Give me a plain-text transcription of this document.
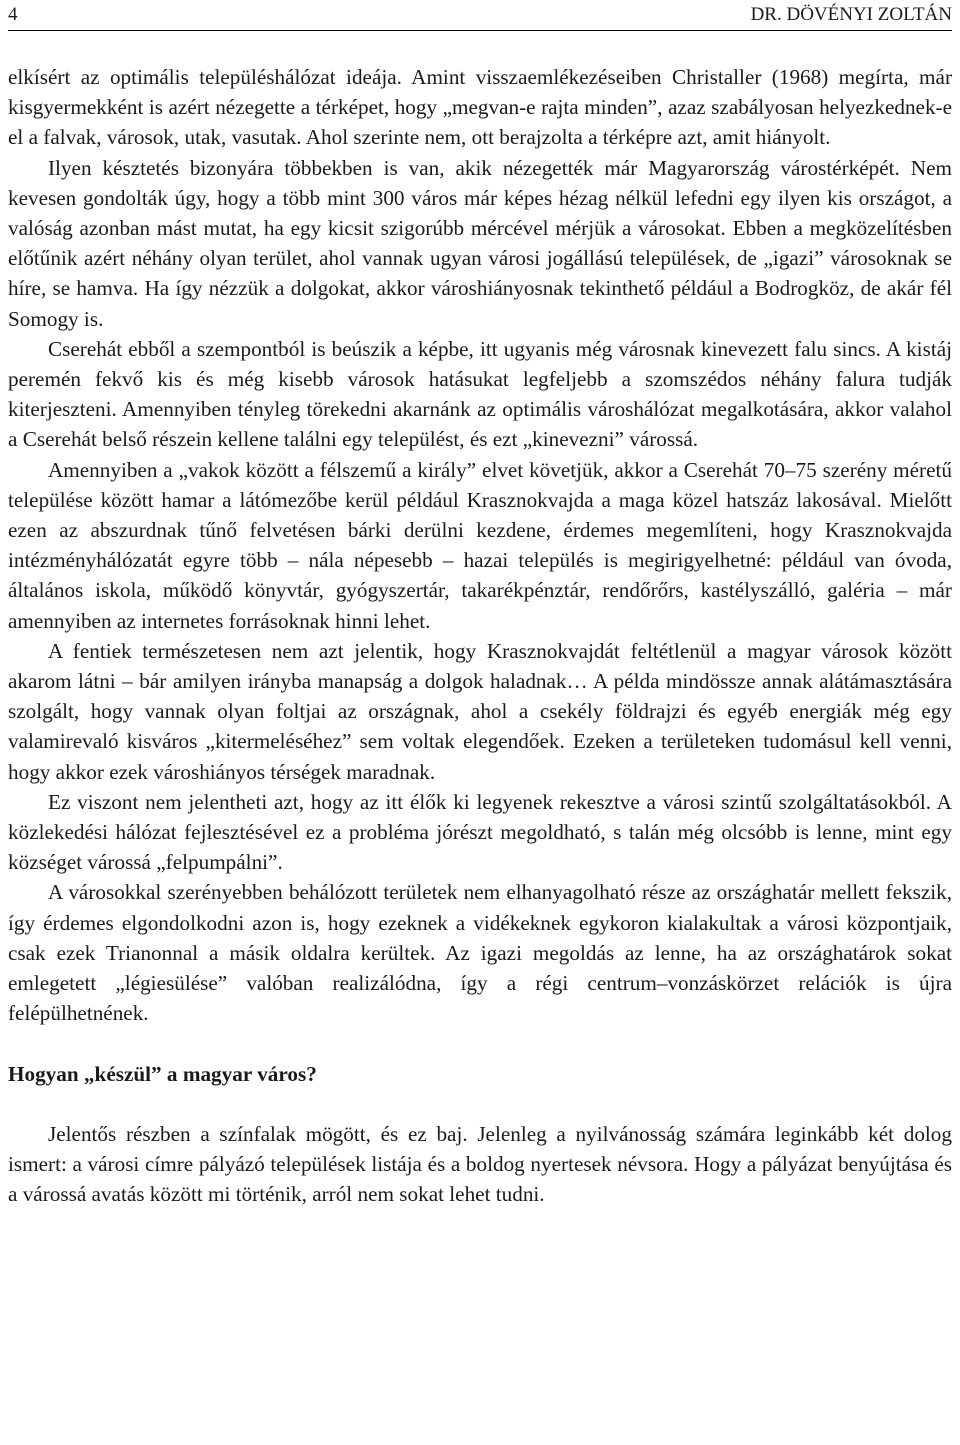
4	DR. DÖVÉNYI ZOLTÁN

elkísért az optimális településhálózat ideája. Amint visszaemlékezéseiben Christaller (1968) megírta, már kisgyermekként is azért nézegette a térképet, hogy „megvan-e rajta minden”, azaz szabályosan helyezkednek-e el a falvak, városok, utak, vasutak. Ahol szerinte nem, ott berajzolta a térképre azt, amit hiányolt.

Ilyen késztetés bizonyára többekben is van, akik nézegették már Magyarország várostérképét. Nem kevesen gondolták úgy, hogy a több mint 300 város már képes hézag nélkül lefedni egy ilyen kis országot, a valóság azonban mást mutat, ha egy kicsit szigorúbb mércével mérjük a városokat. Ebben a megközelítésben előtűnik azért néhány olyan terület, ahol vannak ugyan városi jogállású települések, de „igazi” városoknak se híre, se hamva. Ha így nézzük a dolgokat, akkor városhiányosnak tekinthető például a Bodrogköz, de akár fél Somogy is.

Cserehát ebből a szempontból is beúszik a képbe, itt ugyanis még városnak kinevezett falu sincs. A kistáj peremén fekvő kis és még kisebb városok hatásukat legfeljebb a szomszédos néhány falura tudják kiterjeszteni. Amennyiben tényleg törekedni akarnánk az optimális városhálózat megalkotására, akkor valahol a Cserehát belső részein kellene találni egy települést, és ezt „kinevezni” várossá.

Amennyiben a „vakok között a félszemű a király” elvet követjük, akkor a Cserehát 70–75 szerény méretű települése között hamar a látómezőbe kerül például Krasznokvajda a maga közel hatszáz lakosával. Mielőtt ezen az abszurdnak tűnő felvetésen bárki derülni kezdene, érdemes megemlíteni, hogy Krasznokvajda intézményhálózatát egyre több – nála népesebb – hazai település is megirigyelhetné: például van óvoda, általános iskola, működő könyvtár, gyógyszertár, takarékpénztár, rendőrőrs, kastélyszálló, galéria – már amennyiben az internetes forrásoknak hinni lehet.

A fentiek természetesen nem azt jelentik, hogy Krasznokvajdát feltétlenül a magyar városok között akarom látni – bár amilyen irányba manapság a dolgok haladnak… A példa mindössze annak alátámasztására szolgált, hogy vannak olyan foltjai az országnak, ahol a csekély földrajzi és egyéb energiák még egy valamirevaló kisváros „kitermеléséhez” sem voltak elegendőek. Ezeken a területeken tudomásul kell venni, hogy akkor ezek városhiányos térségek maradnak.

Ez viszont nem jelentheti azt, hogy az itt élők ki legyenek rekesztve a városi szintű szolgáltatásokból. A közlekedési hálózat fejlesztésével ez a probléma jórészt megoldható, s talán még olcsóbb is lenne, mint egy községet várossá „felpumpálni”.

A városokkal szerényebben behálózott területek nem elhanyagolható része az országhatár mellett fekszik, így érdemes elgondolkodni azon is, hogy ezeknek a vidékeknek egykoron kialakultak a városi központjaik, csak ezek Trianonnal a másik oldalra kerültek. Az igazi megoldás az lenne, ha az országhatárok sokat emlegetett „légiesülése” valóban realizálódna, így a régi centrum–vonzáskörzet relációk is újra felépülhetnének.

Hogyan „készül” a magyar város?

Jelentős részben a színfalak mögött, és ez baj. Jelenleg a nyilvánosság számára leginkább két dolog ismert: a városi címre pályázó települések listája és a boldog nyertesek névsora. Hogy a pályázat benyújtása és a várossá avatás között mi történik, arról nem sokat lehet tudni.
